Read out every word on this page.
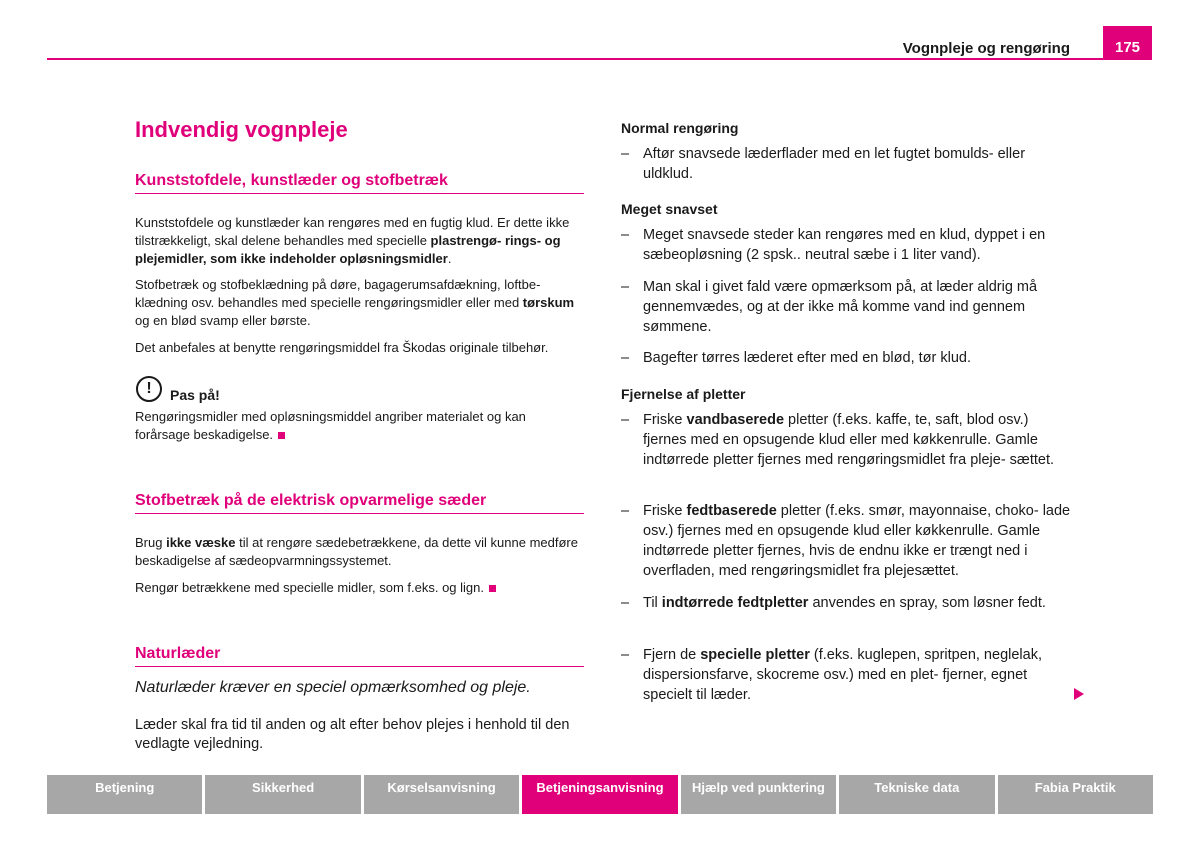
Vognpleje og rengøring	175
Indvendig vognpleje
Kunststofdele, kunstlæder og stofbetræk

Kunststofdele og kunstlæder kan rengøres med en fugtig klud. Er dette ikke tilstrækkeligt, skal delene behandles med specielle plastrengø- rings- og plejemidler, som ikke indeholder opløsningsmidler.

Stofbetræk og stofbeklædning på døre, bagagerumsafdækning, loftbe- klædning osv. behandles med specielle rengøringsmidler eller med tørskum og en blød svamp eller børste.

Det anbefales at benytte rengøringsmiddel fra Škodas originale tilbehør.

!	Pas på!

Rengøringsmidler med opløsningsmiddel angriber materialet og kan forårsage beskadigelse.

Stofbetræk på de elektrisk opvarmelige sæder

Brug ikke væske til at rengøre sædebetrækkene, da dette vil kunne medføre beskadigelse af sædeopvarmningssystemet.

Rengør betrækkene med specielle midler, som f.eks. og lign.

Naturlæder

Naturlæder kræver en speciel opmærksomhed og pleje.

Læder skal fra tid til anden og alt efter behov plejes i henhold til den vedlagte vejledning.

Normal rengøring
– Aftør snavsede læderflader med en let fugtet bomulds- eller uldklud.
Meget snavset
– Meget snavsede steder kan rengøres med en klud, dyppet i en sæbeopløsning (2 spsk.. neutral sæbe i 1 liter vand).
– Man skal i givet fald være opmærksom på, at læder aldrig må gennemvædes, og at der ikke må komme vand ind gennem sømmene.
– Bagefter tørres læderet efter med en blød, tør klud.
Fjernelse af pletter
– Friske vandbaserede pletter (f.eks. kaffe, te, saft, blod osv.) fjernes med en opsugende klud eller med køkkenrulle. Gamle indtørrede pletter fjernes med rengøringsmidlet fra pleje- sættet.
– Friske fedtbaserede pletter (f.eks. smør, mayonnaise, choko- lade osv.) fjernes med en opsugende klud eller køkkenrulle. Gamle indtørrede pletter fjernes, hvis de endnu ikke er trængt ned i overfladen, med rengøringsmidlet fra plejesættet.
– Til indtørrede fedtpletter anvendes en spray, som løsner fedt.
– Fjern de specielle pletter (f.eks. kuglepen, spritpen, neglelak, dispersionsfarve, skocreme osv.) med en plet- fjerner, egnet specielt til læder.
Betjening	Sikkerhed	Kørselsanvisning	Betjeningsanvisning	Hjælp ved punktering	Tekniske data	Fabia Praktik
